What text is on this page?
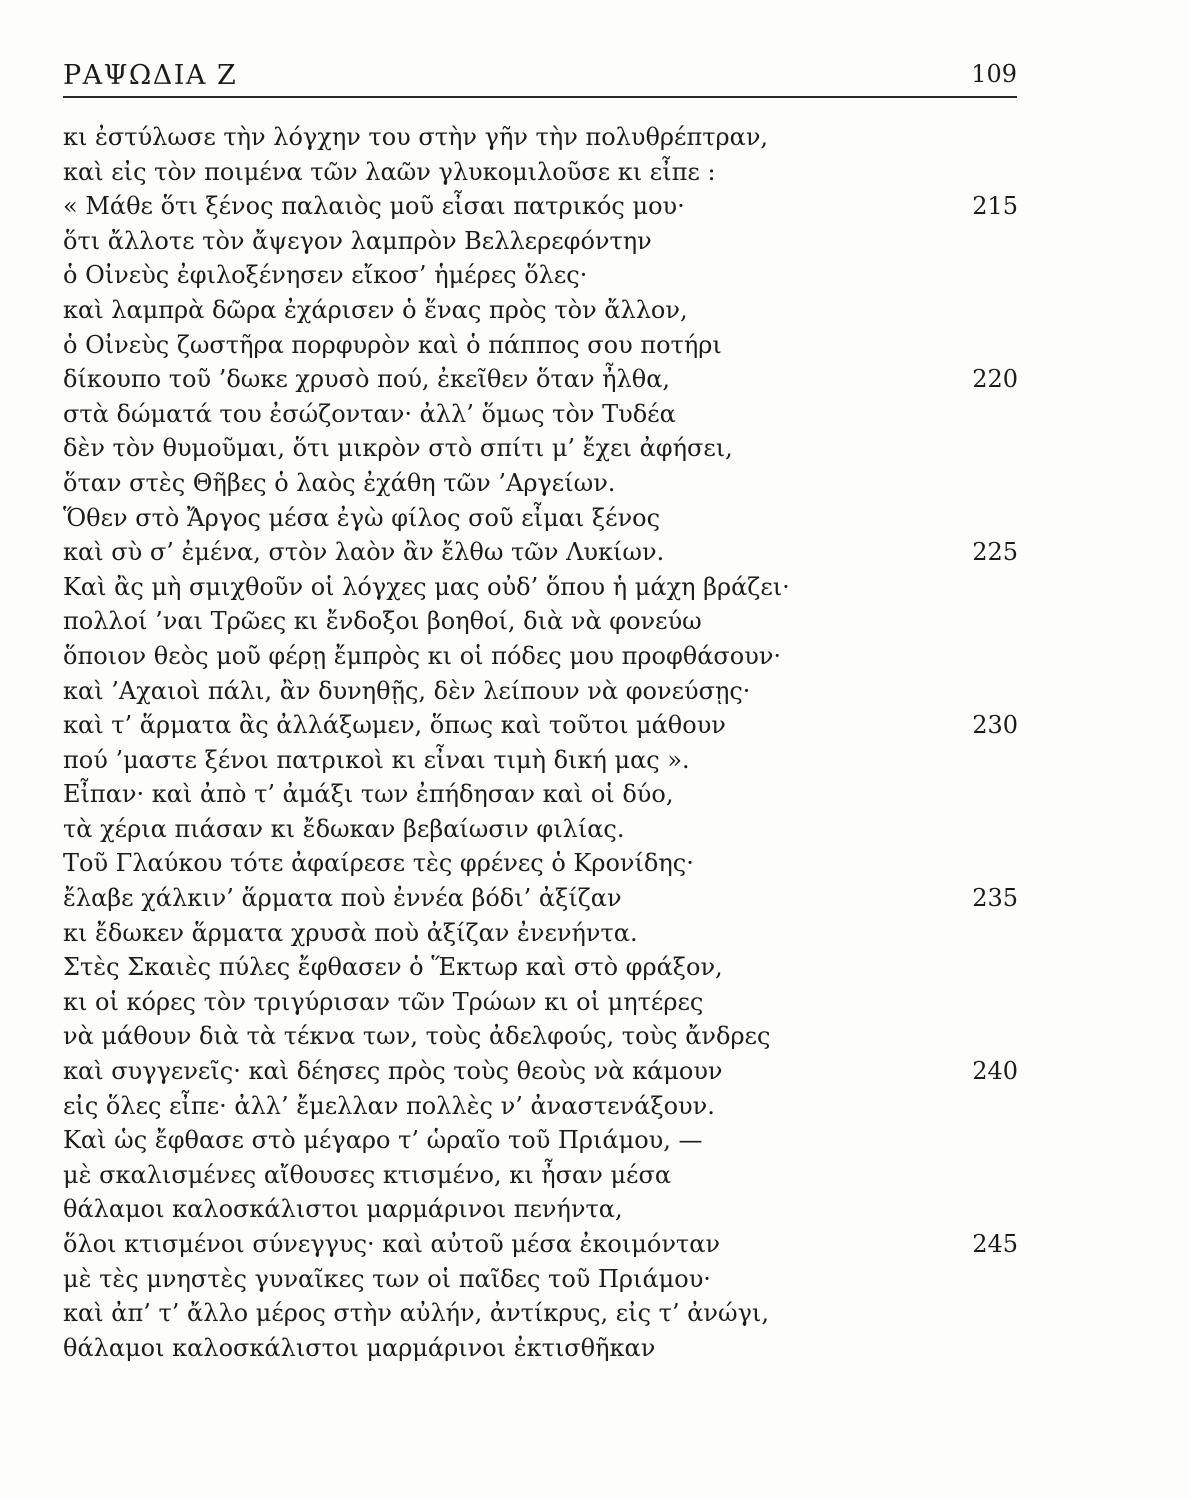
ΡΑΨΩΔΙΑ Ζ	109
κι ἐστύλωσε τὴν λόγχην του στὴν γῆν τὴν πολυθρέπτραν,
καὶ εἰς τὸν ποιμένα τῶν λαῶν γλυκομιλοῦσε κι εἶπε :
« Μάθε ὅτι ξένος παλαιὸς μοῦ εἶσαι πατρικός μου·	215
ὅτι ἄλλοτε τὸν ἄψεγον λαμπρὸν Βελλερεφόντην
ὁ Οἰνεὺς ἐφιλοξένησεν εἴκοσ’ ἡμέρες ὅλες·
καὶ λαμπρὰ δῶρα ἐχάρισεν ὁ ἕνας πρὸς τὸν ἄλλον,
ὁ Οἰνεὺς ζωστῆρα πορφυρὸν καὶ ὁ πάππος σου ποτήρι
δίκουπο τοῦ ’δωκε χρυσὸ πού, ἐκεῖθεν ὅταν ἦλθα,	220
στὰ δώματά του ἐσώζονταν· ἀλλ’ ὅμως τὸν Τυδέα
δὲν τὸν θυμοῦμαι, ὅτι μικρὸν στὸ σπίτι μ’ ἔχει ἀφήσει,
ὅταν στὲς Θῆβες ὁ λαὸς ἐχάθη τῶν ’Αργείων.
Ὅθεν στὸ Ἄργος μέσα ἐγὼ φίλος σοῦ εἶμαι ξένος
καὶ σὺ σ’ ἐμένα, στὸν λαὸν ἂν ἔλθω τῶν Λυκίων.	225
Καὶ ἂς μὴ σμιχθοῦν οἱ λόγχες μας οὐδ’ ὅπου ἡ μάχη βράζει·
πολλοί ’ναι Τρῶες κι ἔνδοξοι βοηθοί, διὰ νὰ φονεύω
ὅποιον θεὸς μοῦ φέρῃ ἔμπρὸς κι οἱ πόδες μου προφθάσουν·
καὶ ’Αχαιοὶ πάλι, ἂν δυνηθῇς, δὲν λείπουν νὰ φονεύσῃς·
καὶ τ’ ἅρματα ἂς ἀλλάξωμεν, ὅπως καὶ τοῦτοι μάθουν	230
πού ’μαστε ξένοι πατρικοὶ κι εἶναι τιμὴ δική μας ».
Εἶπαν· καὶ ἀπὸ τ’ ἀμάξι των ἐπήδησαν καὶ οἱ δύο,
τὰ χέρια πιάσαν κι ἔδωκαν βεβαίωσιν φιλίας.
Τοῦ Γλαύκου τότε ἀφαίρεσε τὲς φρένες ὁ Κρονίδης·
ἔλαβε χάλκιν’ ἅρματα ποὺ ἐννέα βόδι’ ἀξίζαν	235
κι ἔδωκεν ἅρματα χρυσὰ ποὺ ἀξίζαν ἐνενήντα.
Στὲς Σκαιὲς πύλες ἔφθασεν ὁ Ἕκτωρ καὶ στὸ φράξον,
κι οἱ κόρες τὸν τριγύρισαν τῶν Τρώων κι οἱ μητέρες
νὰ μάθουν διὰ τὰ τέκνα των, τοὺς ἀδελφούς, τοὺς ἄνδρες
καὶ συγγενεῖς· καὶ δέησες πρὸς τοὺς θεοὺς νὰ κάμουν	240
εἰς ὅλες εἶπε· ἀλλ’ ἔμελλαν πολλὲς ν’ ἀναστενάξουν.
Καὶ ὡς ἔφθασε στὸ μέγαρο τ’ ὡραῖο τοῦ Πριάμου, —
μὲ σκαλισμένες αἴθουσες κτισμένο, κι ἦσαν μέσα
θάλαμοι καλοσκάλιστοι μαρμάρινοι πενήντα,
ὅλοι κτισμένοι σύνεγγυς· καὶ αὐτοῦ μέσα ἐκοιμόνταν	245
μὲ τὲς μνηστὲς γυναῖκες των οἱ παῖδες τοῦ Πριάμου·
καὶ ἀπ’ τ’ ἄλλο μέρος στὴν αὐλήν, ἀντίκρυς, εἰς τ’ ἀνώγι,
θάλαμοι καλοσκάλιστοι μαρμάρινοι ἐκτισθῆκαν
